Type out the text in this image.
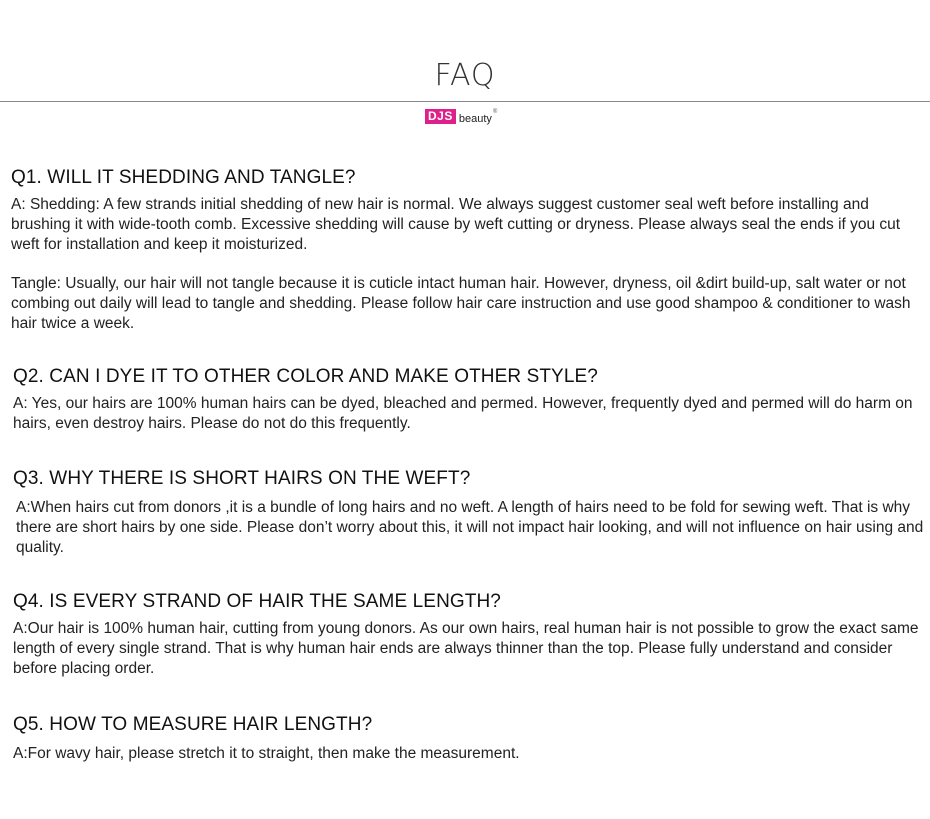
FAQ
DJS beauty
®
Q1. WILL IT SHEDDING AND TANGLE?
A: Shedding: A few strands initial shedding of new hair is normal. We always suggest customer seal weft before installing and brushing it with wide-tooth comb. Excessive shedding will cause by weft cutting or dryness. Please always seal the ends if you cut weft for installation and keep it moisturized.
Tangle: Usually, our hair will not tangle because it is cuticle intact human hair. However, dryness, oil &dirt build-up, salt water or not combing out daily will lead to tangle and shedding. Please follow hair care instruction and use good shampoo & conditioner to wash hair twice a week.
Q2. CAN I DYE IT TO OTHER COLOR AND MAKE OTHER STYLE?
A: Yes, our hairs are 100% human hairs can be dyed, bleached and permed. However, frequently dyed and permed will do harm on hairs, even destroy hairs. Please do not do this frequently.
Q3. WHY THERE IS SHORT HAIRS ON THE WEFT?
A:When hairs cut from donors ,it is a bundle of long hairs and no weft. A length of hairs need to be fold for sewing weft. That is why there are short hairs by one side. Please don’t worry about this, it will not impact hair looking, and will not influence on hair using and quality.
Q4. IS EVERY STRAND OF HAIR THE SAME LENGTH?
A:Our hair is 100% human hair, cutting from young donors. As our own hairs, real human hair is not possible to grow the exact same length of every single strand. That is why human hair ends are always thinner than the top. Please fully understand and consider before placing order.
Q5. HOW TO MEASURE HAIR LENGTH?
A:For wavy hair, please stretch it to straight, then make the measurement.
